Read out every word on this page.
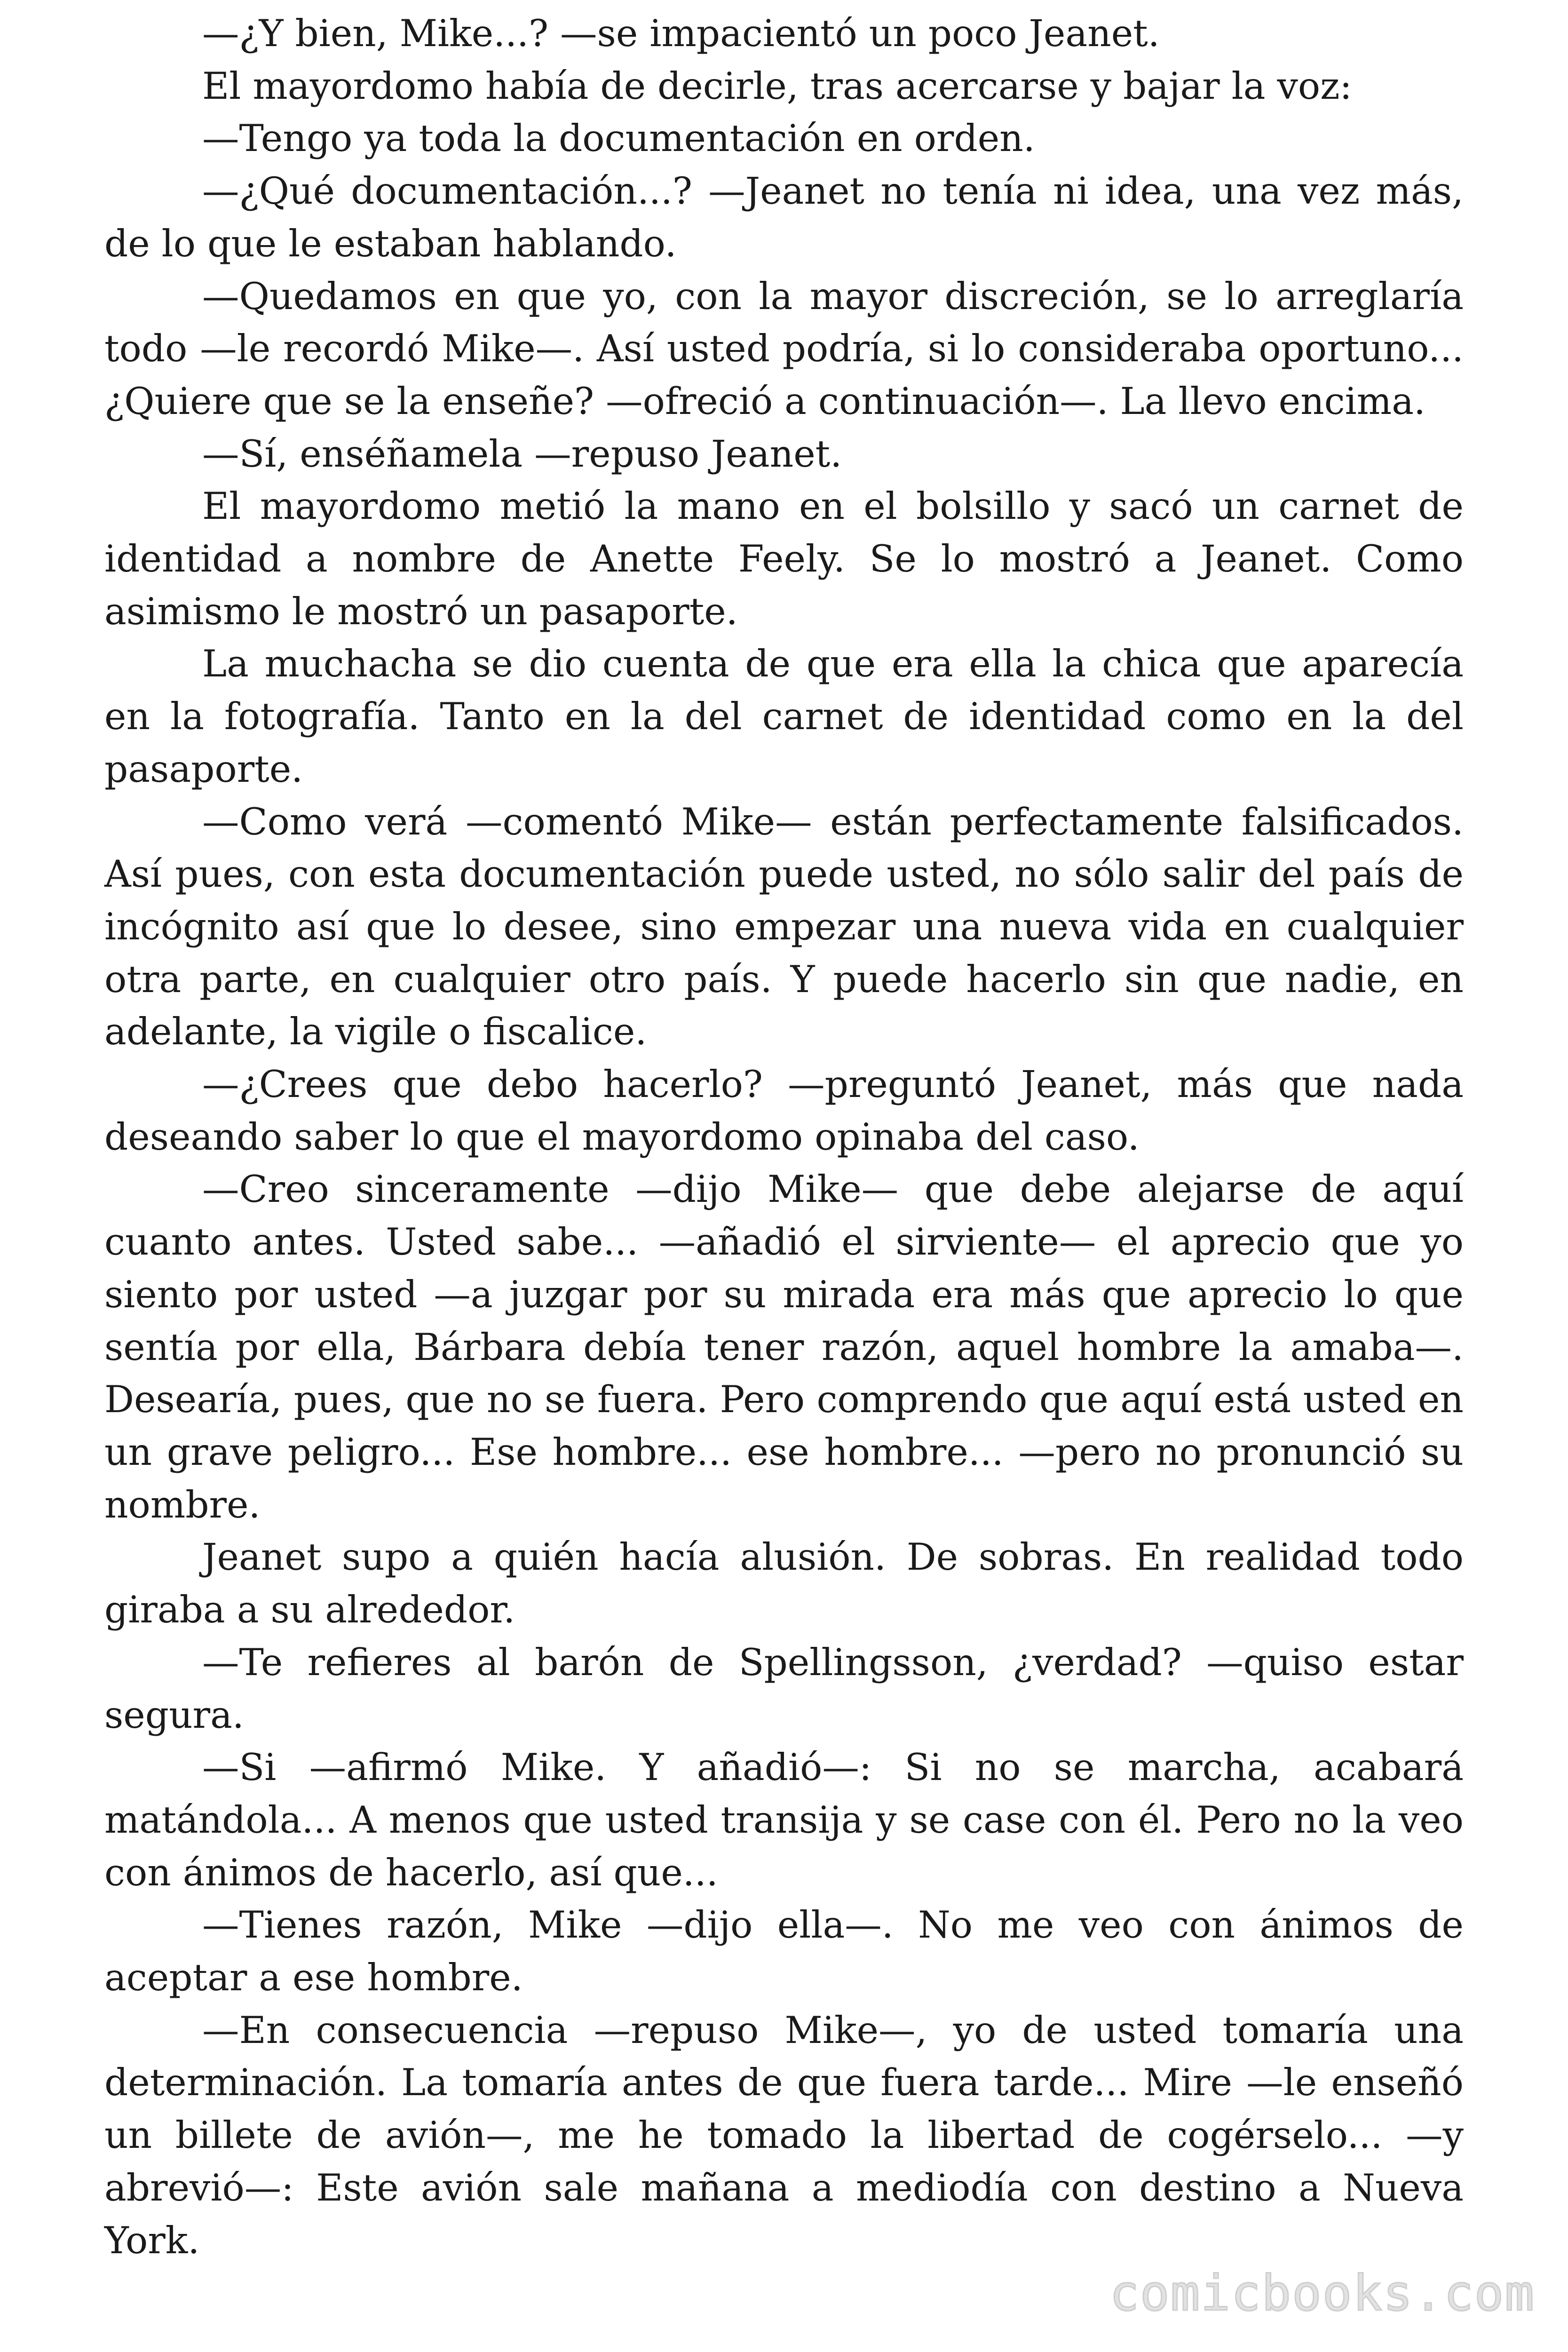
—¿Y bien, Mike...? —se impacientó un poco Jeanet.

El mayordomo había de decirle, tras acercarse y bajar la voz:

—Tengo ya toda la documentación en orden.

—¿Qué documentación...? —Jeanet no tenía ni idea, una vez más, de lo que le estaban hablando.

—Quedamos en que yo, con la mayor discreción, se lo arreglaría todo —le recordó Mike—. Así usted podría, si lo consideraba oportuno... ¿Quiere que se la enseñe? —ofreció a continuación—. La llevo encima.

—Sí, enséñamela —repuso Jeanet.

El mayordomo metió la mano en el bolsillo y sacó un carnet de identidad a nombre de Anette Feely. Se lo mostró a Jeanet. Como asimismo le mostró un pasaporte.

La muchacha se dio cuenta de que era ella la chica que aparecía en la fotografía. Tanto en la del carnet de identidad como en la del pasaporte.

—Como verá —comentó Mike— están perfectamente falsificados. Así pues, con esta documentación puede usted, no sólo salir del país de incógnito así que lo desee, sino empezar una nueva vida en cualquier otra parte, en cualquier otro país. Y puede hacerlo sin que nadie, en adelante, la vigile o fiscalice.

—¿Crees que debo hacerlo? —preguntó Jeanet, más que nada deseando saber lo que el mayordomo opinaba del caso.

—Creo sinceramente —dijo Mike— que debe alejarse de aquí cuanto antes. Usted sabe... —añadió el sirviente— el aprecio que yo siento por usted —a juzgar por su mirada era más que aprecio lo que sentía por ella, Bárbara debía tener razón, aquel hombre la amaba—. Desearía, pues, que no se fuera. Pero comprendo que aquí está usted en un grave peligro... Ese hombre... ese hombre... —pero no pronunció su nombre.

Jeanet supo a quién hacía alusión. De sobras. En realidad todo giraba a su alrededor.

—Te refieres al barón de Spellingsson, ¿verdad? —quiso estar segura.

—Si —afirmó Mike. Y añadió—: Si no se marcha, acabará matándola... A menos que usted transija y se case con él. Pero no la veo con ánimos de hacerlo, así que...

—Tienes razón, Mike —dijo ella—. No me veo con ánimos de aceptar a ese hombre.

—En consecuencia —repuso Mike—, yo de usted tomaría una determinación. La tomaría antes de que fuera tarde... Mire —le enseñó un billete de avión—, me he tomado la libertad de cogérselo... —y abrevió—: Este avión sale mañana a mediodía con destino a Nueva York.

comicbooks.com
